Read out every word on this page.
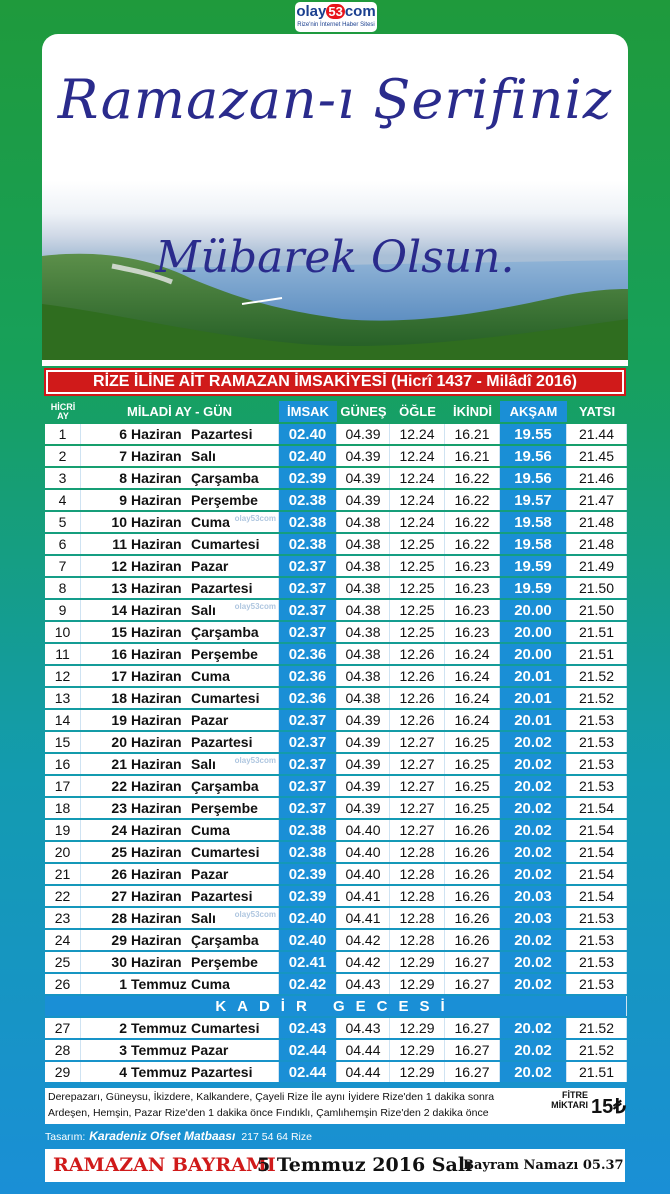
olay 53 com
Rize'nin İnternet Haber Sitesi
Ramazan-ı Şerifiniz
Mübarek Olsun.
RİZE İLİNE AİT RAMAZAN İMSAKİYESİ (Hicrî 1437 - Milâdî 2016)
HİCRİ
AY	MİLADİ AY - GÜN	İMSAK	GÜNEŞ	ÖĞLE	İKİNDİ	AKŞAM	YATSI
1	6 Haziran Pazartesi	02.40	04.39	12.24	16.21	19.55	21.44
2	7 Haziran Salı	02.40	04.39	12.24	16.21	19.56	21.45
3	8 Haziran Çarşamba	02.39	04.39	12.24	16.22	19.56	21.46
4	9 Haziran Perşembe	02.38	04.39	12.24	16.22	19.57	21.47
5	10 Haziran Cuma olay53com	02.38	04.38	12.24	16.22	19.58	21.48
6	11 Haziran Cumartesi	02.38	04.38	12.25	16.22	19.58	21.48
7	12 Haziran Pazar	02.37	04.38	12.25	16.23	19.59	21.49
8	13 Haziran Pazartesi	02.37	04.38	12.25	16.23	19.59	21.50
9	14 Haziran Salı olay53com	02.37	04.38	12.25	16.23	20.00	21.50
10	15 Haziran Çarşamba	02.37	04.38	12.25	16.23	20.00	21.51
11	16 Haziran Perşembe	02.36	04.38	12.26	16.24	20.00	21.51
12	17 Haziran Cuma	02.36	04.38	12.26	16.24	20.01	21.52
13	18 Haziran Cumartesi	02.36	04.38	12.26	16.24	20.01	21.52
14	19 Haziran Pazar	02.37	04.39	12.26	16.24	20.01	21.53
15	20 Haziran Pazartesi	02.37	04.39	12.27	16.25	20.02	21.53
16	21 Haziran Salı olay53com	02.37	04.39	12.27	16.25	20.02	21.53
17	22 Haziran Çarşamba	02.37	04.39	12.27	16.25	20.02	21.53
18	23 Haziran Perşembe	02.37	04.39	12.27	16.25	20.02	21.54
19	24 Haziran Cuma	02.38	04.40	12.27	16.26	20.02	21.54
20	25 Haziran Cumartesi	02.38	04.40	12.28	16.26	20.02	21.54
21	26 Haziran Pazar	02.39	04.40	12.28	16.26	20.02	21.54
22	27 Haziran Pazartesi	02.39	04.41	12.28	16.26	20.03	21.54
23	28 Haziran Salı olay53com	02.40	04.41	12.28	16.26	20.03	21.53
24	29 Haziran Çarşamba	02.40	04.42	12.28	16.26	20.02	21.53
25	30 Haziran Perşembe	02.41	04.42	12.29	16.27	20.02	21.53
26	1 Temmuz Cuma	02.42	04.43	12.29	16.27	20.02	21.53
KADİR GECESİ							
27	2 Temmuz Cumartesi	02.43	04.43	12.29	16.27	20.02	21.52
28	3 Temmuz Pazar	02.44	04.44	12.29	16.27	20.02	21.52
29	4 Temmuz Pazartesi	02.44	04.44	12.29	16.27	20.02	21.51
Derepazarı, Güneysu, İkizdere, Kalkandere, Çayeli Rize İle aynı İyidere Rize'den 1 dakika sonra
Ardeşen, Hemşin, Pazar Rize'den 1 dakika önce Fındıklı, Çamlıhemşin Rize'den 2 dakika önce
FİTRE
MİKTARI 15₺
Tasarım: Karadeniz Ofset Matbaası 217 54 64 Rize
RAMAZAN BAYRAMI
5 Temmuz 2016 Salı
Bayram Namazı 05.37
